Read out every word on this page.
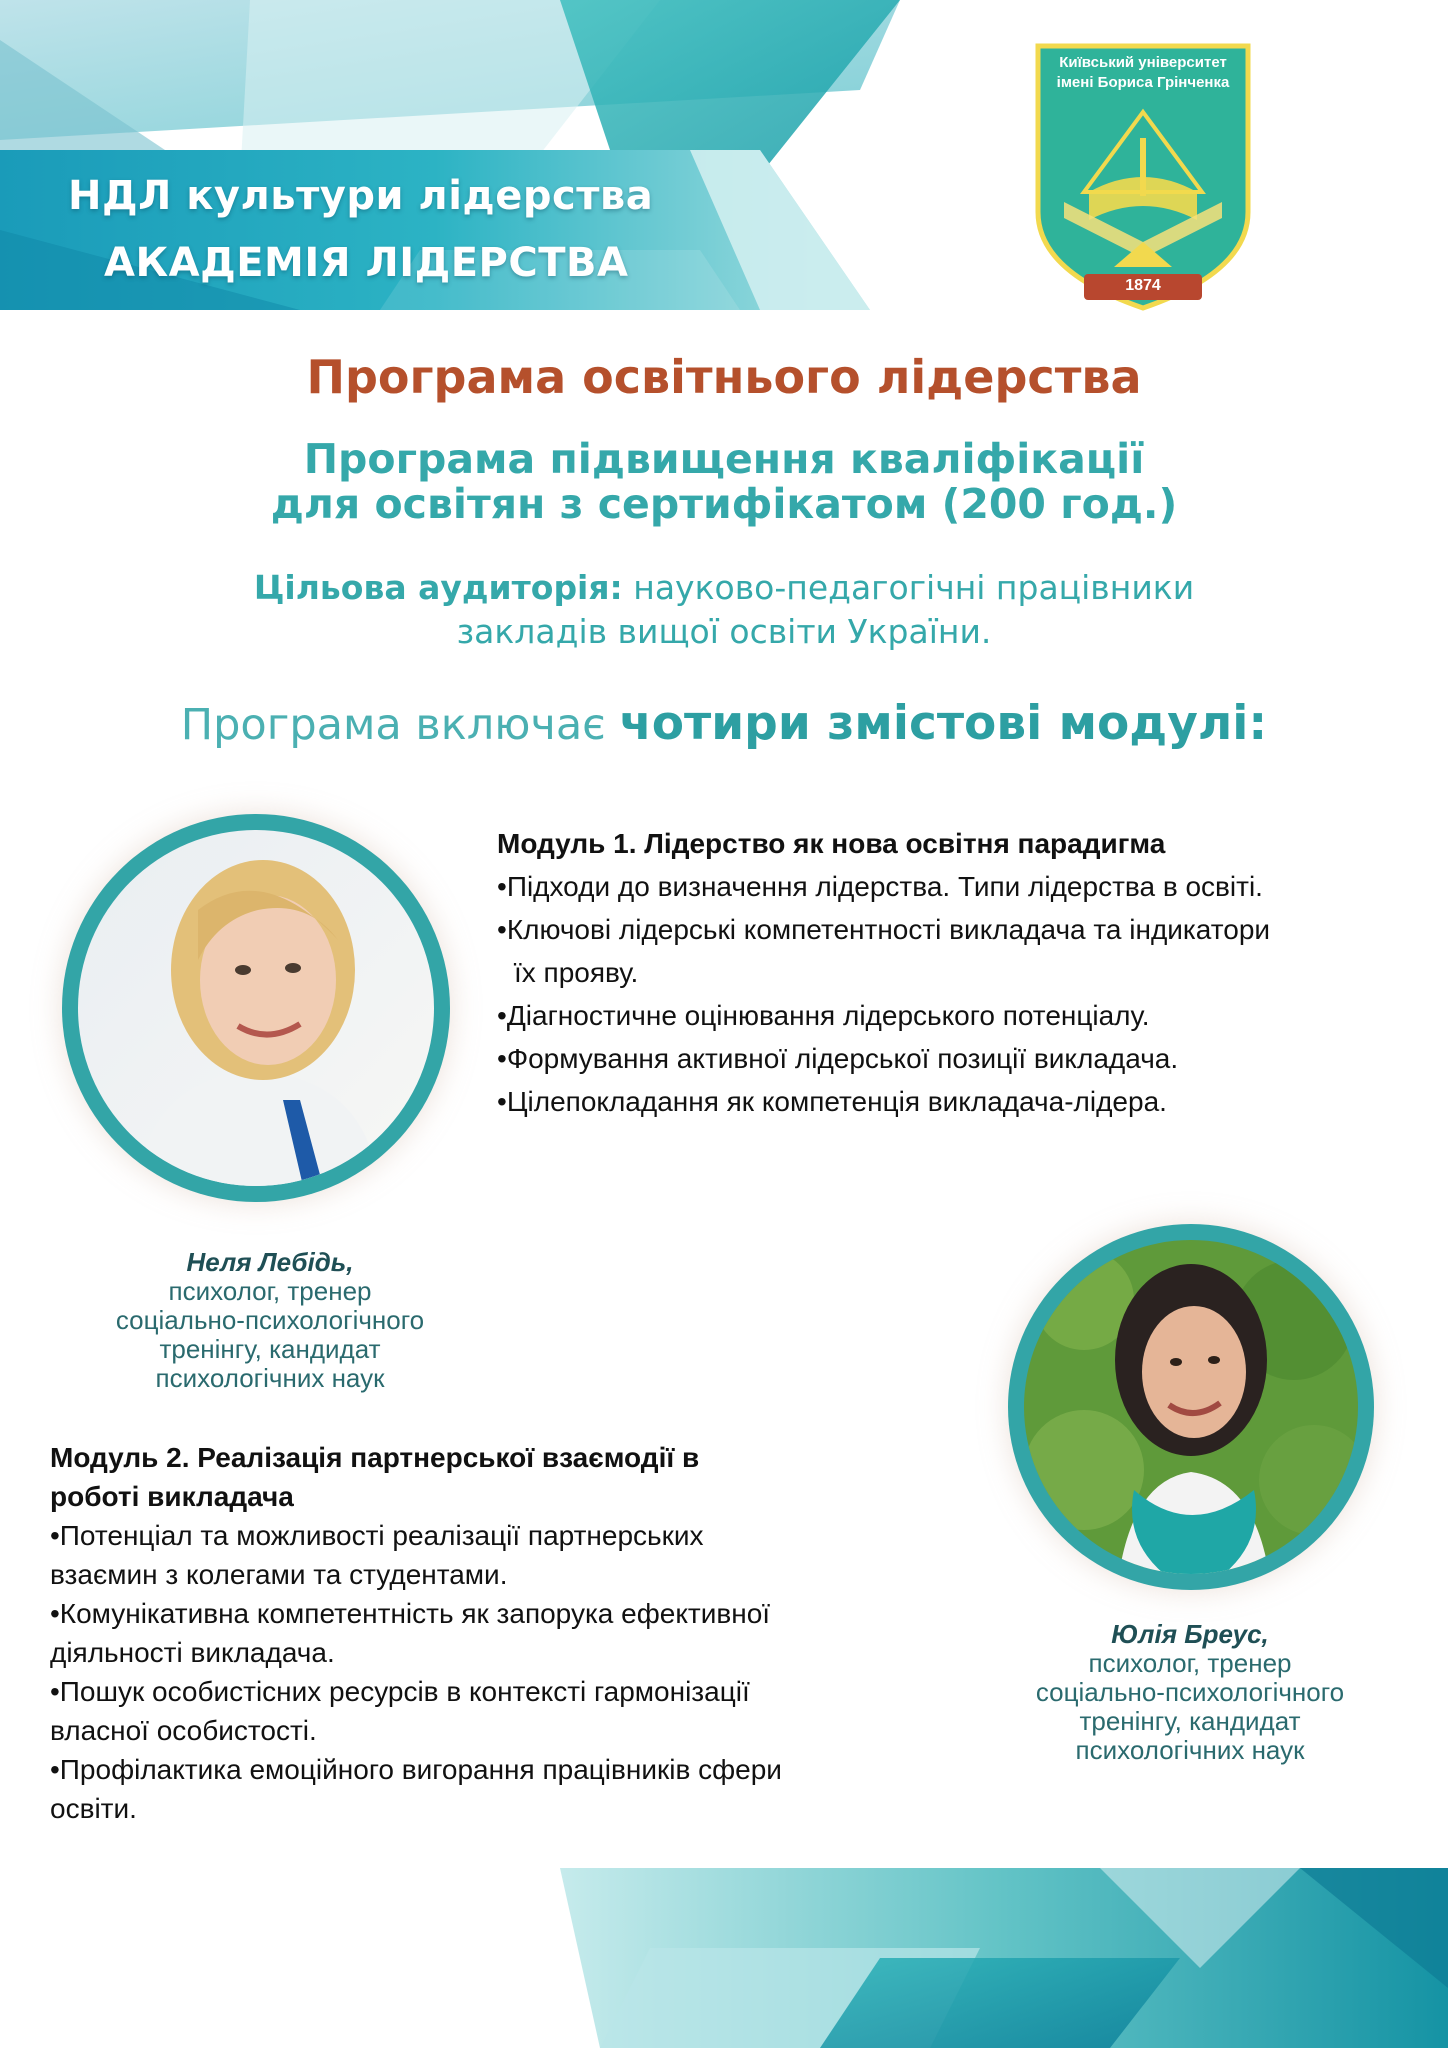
НДЛ культури лідерства
АКАДЕМІЯ ЛІДЕРСТВА
Київський університет
імені Бориса Грінченка
1874
Програма освітнього лідерства
Програма підвищення кваліфікації
для освітян з сертифікатом (200 год.)
Цільова аудиторія: науково-педагогічні працівники
закладів вищої освіти України.
Програма включає чотири змістові модулі:
Модуль 1. Лідерство як нова освітня парадигма
• Підходи до визначення лідерства. Типи лідерства в освіті.
• Ключові лідерські компетентності викладача та індикатори
їх прояву.
• Діагностичне оцінювання лідерського потенціалу.
• Формування активної лідерської позиції викладача.
• Цілепокладання як компетенція викладача-лідера.
Неля Лебідь,
психолог, тренер
соціально-психологічного
тренінгу, кандидат
психологічних наук
Модуль 2. Реалізація партнерської взаємодії в
роботі викладача
•Потенціал та можливості реалізації партнерських
взаємин з колегами та студентами.
•Комунікативна компетентність як запорука ефективної
діяльності викладача.
•Пошук особистісних ресурсів в контексті гармонізації
власної особистості.
•Профілактика емоційного вигорання працівників сфери
освіти.
Юлія Бреус,
психолог, тренер
соціально-психологічного
тренінгу, кандидат
психологічних наук
